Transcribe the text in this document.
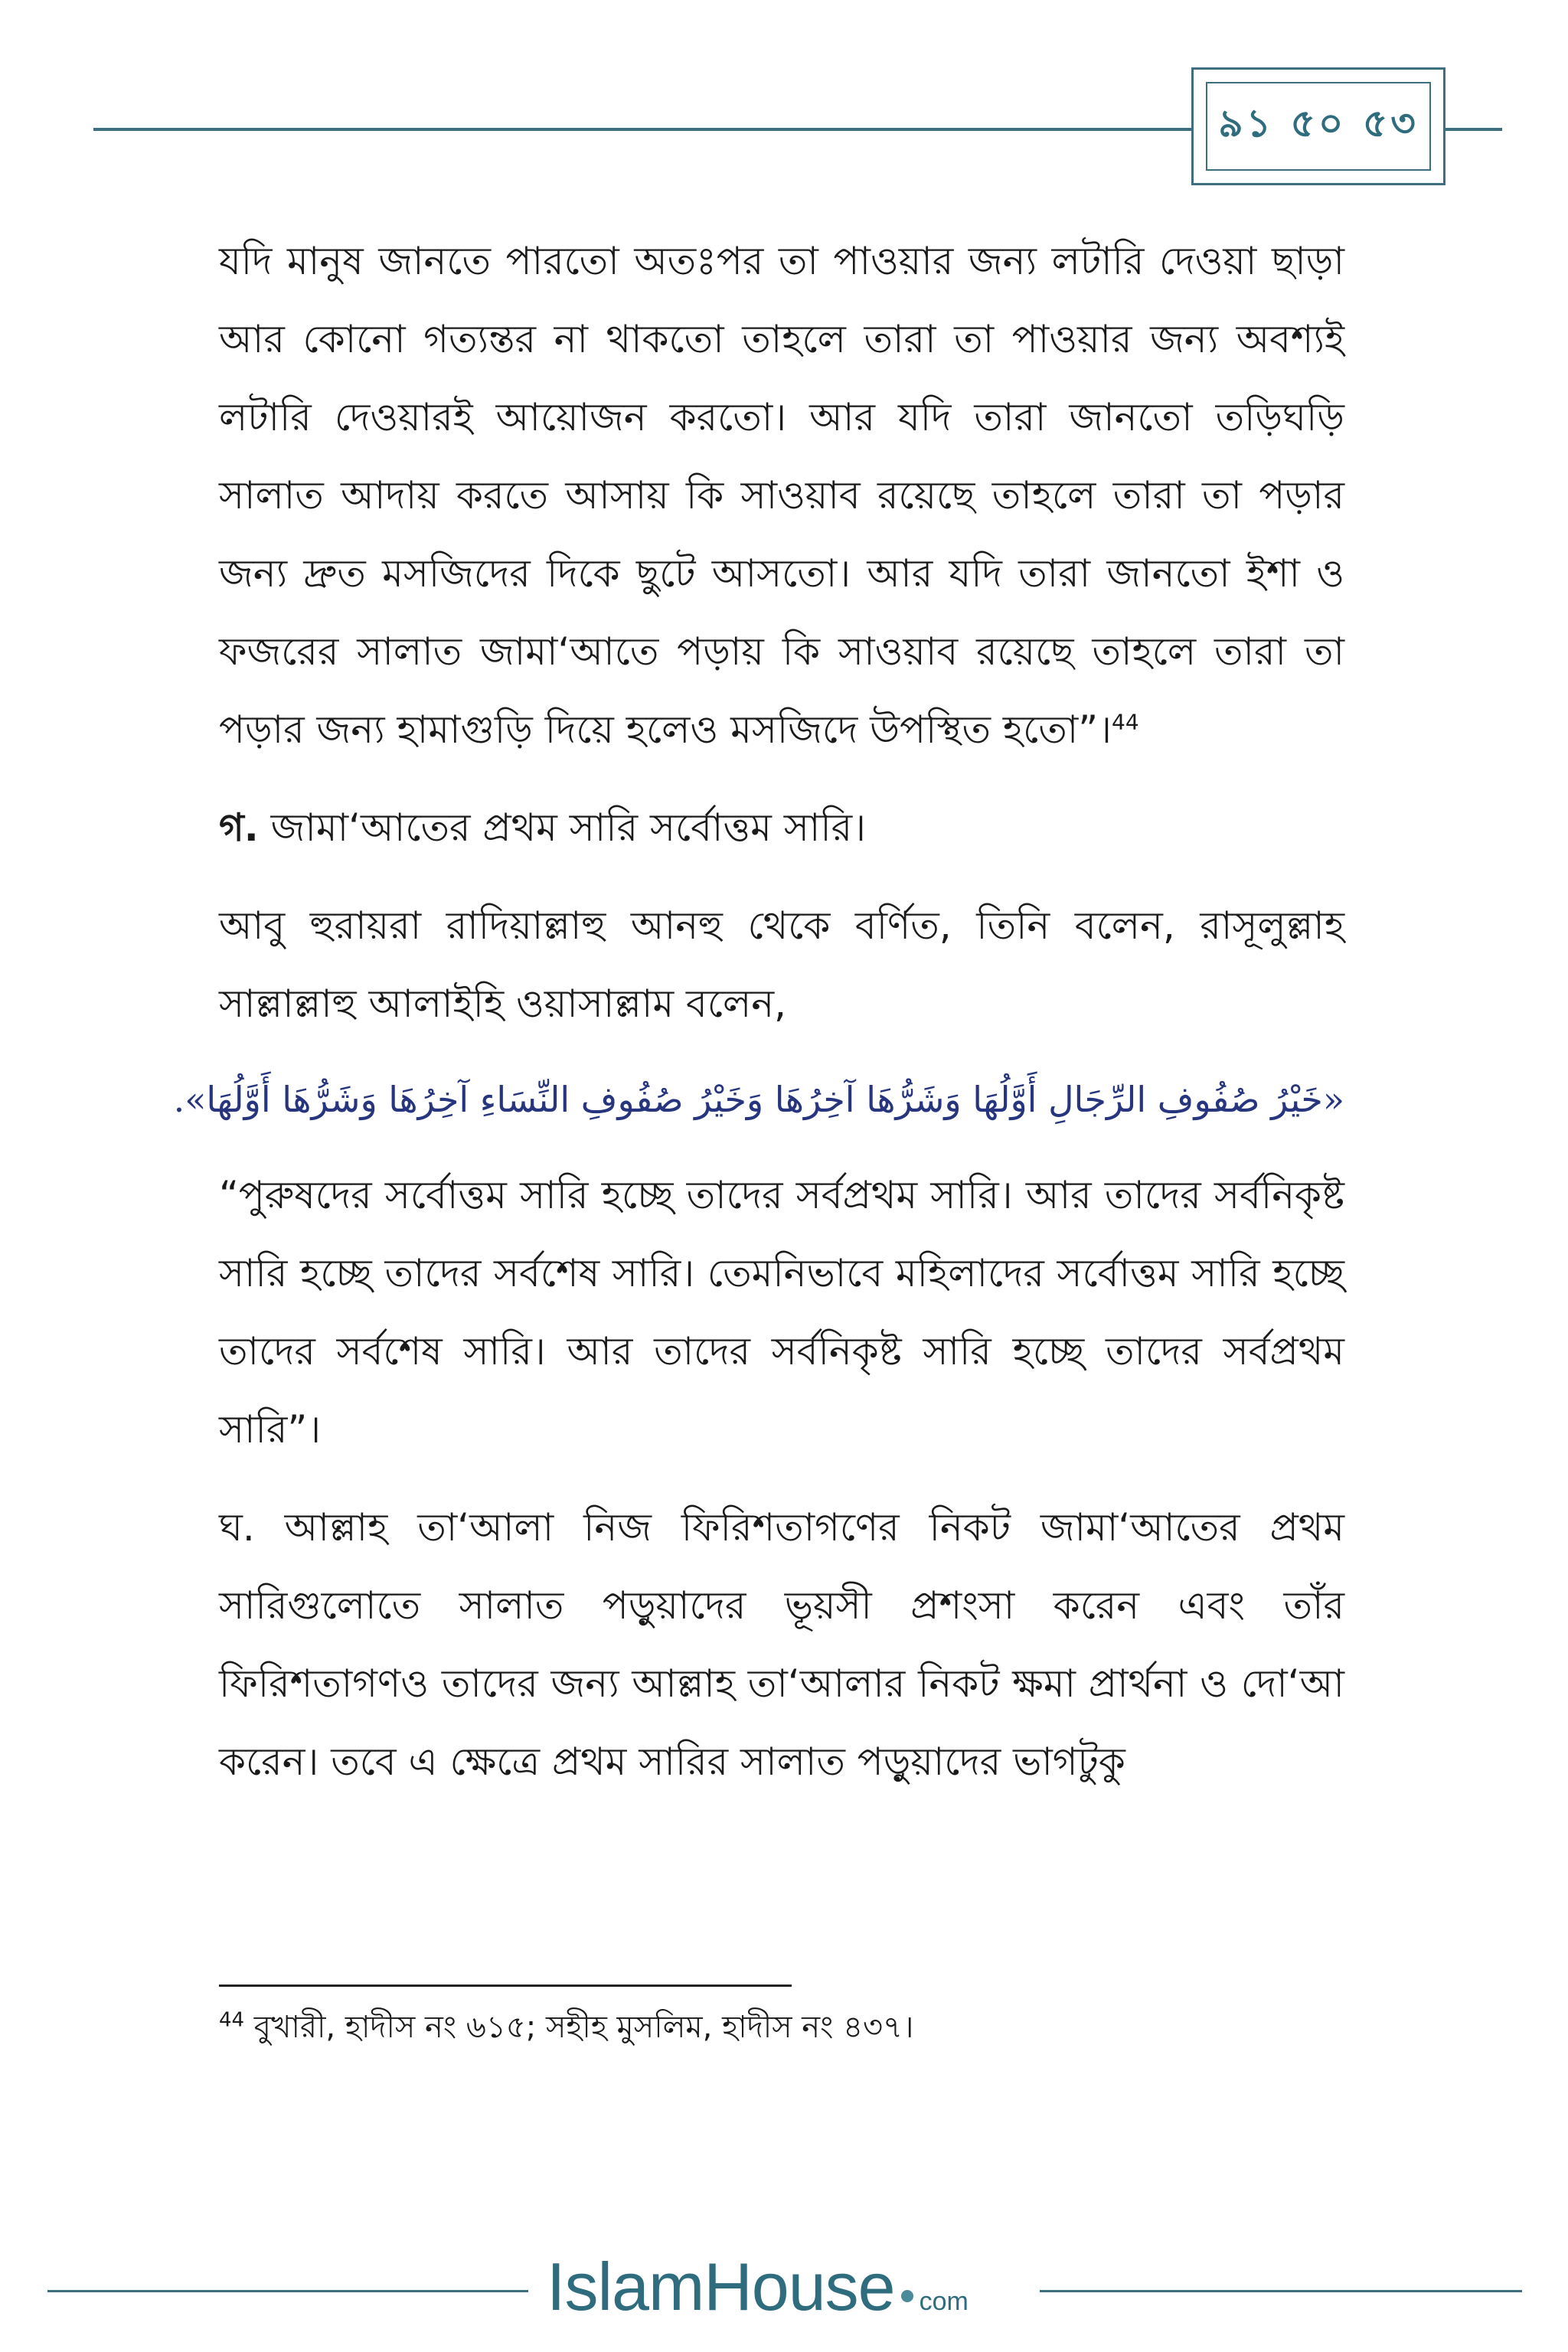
৯১ ৫০ ৫৩

যদি মানুষ জানতে পারতো অতঃপর তা পাওয়ার জন্য লটারি দেওয়া ছাড়া আর কোনো গত্যন্তর না থাকতো তাহলে তারা তা পাওয়ার জন্য অবশ্যই লটারি দেওয়ারই আয়োজন করতো। আর যদি তারা জানতো তড়িঘড়ি সালাত আদায় করতে আসায় কি সাওয়াব রয়েছে তাহলে তারা তা পড়ার জন্য দ্রুত মসজিদের দিকে ছুটে আসতো। আর যদি তারা জানতো ইশা ও ফজরের সালাত জামা‘আতে পড়ায় কি সাওয়াব রয়েছে তাহলে তারা তা পড়ার জন্য হামাগুড়ি দিয়ে হলেও মসজিদে উপস্থিত হতো”।$^{44}$

গ. জামা‘আতের প্রথম সারি সর্বোত্তম সারি।

আবু হুরায়রা রাদিয়াল্লাহু আনহু থেকে বর্ণিত, তিনি বলেন, রাসূলুল্লাহ সাল্লাল্লাহু আলাইহি ওয়াসাল্লাম বলেন,

«خَيْرُ صُفُوفِ الرِّجَالِ أَوَّلُهَا وَشَرُّهَا آخِرُهَا وَخَيْرُ صُفُوفِ النِّسَاءِ آخِرُهَا وَشَرُّهَا أَوَّلُهَا».

“পুরুষদের সর্বোত্তম সারি হচ্ছে তাদের সর্বপ্রথম সারি। আর তাদের সর্বনিকৃষ্ট সারি হচ্ছে তাদের সর্বশেষ সারি। তেমনিভাবে মহিলাদের সর্বোত্তম সারি হচ্ছে তাদের সর্বশেষ সারি। আর তাদের সর্বনিকৃষ্ট সারি হচ্ছে তাদের সর্বপ্রথম সারি”।

ঘ. আল্লাহ তা‘আলা নিজ ফিরিশতাগণের নিকট জামা‘আতের প্রথম সারিগুলোতে সালাত পড়ুয়াদের ভূয়সী প্রশংসা করেন এবং তাঁর ফিরিশতাগণও তাদের জন্য আল্লাহ তা‘আলার নিকট ক্ষমা প্রার্থনা ও দো‘আ করেন। তবে এ ক্ষেত্রে প্রথম সারির সালাত পড়ুয়াদের ভাগটুকু

$^{44}$ বুখারী, হাদীস নং ৬১৫; সহীহ মুসলিম, হাদীস নং ৪৩৭।
IslamHouse com
